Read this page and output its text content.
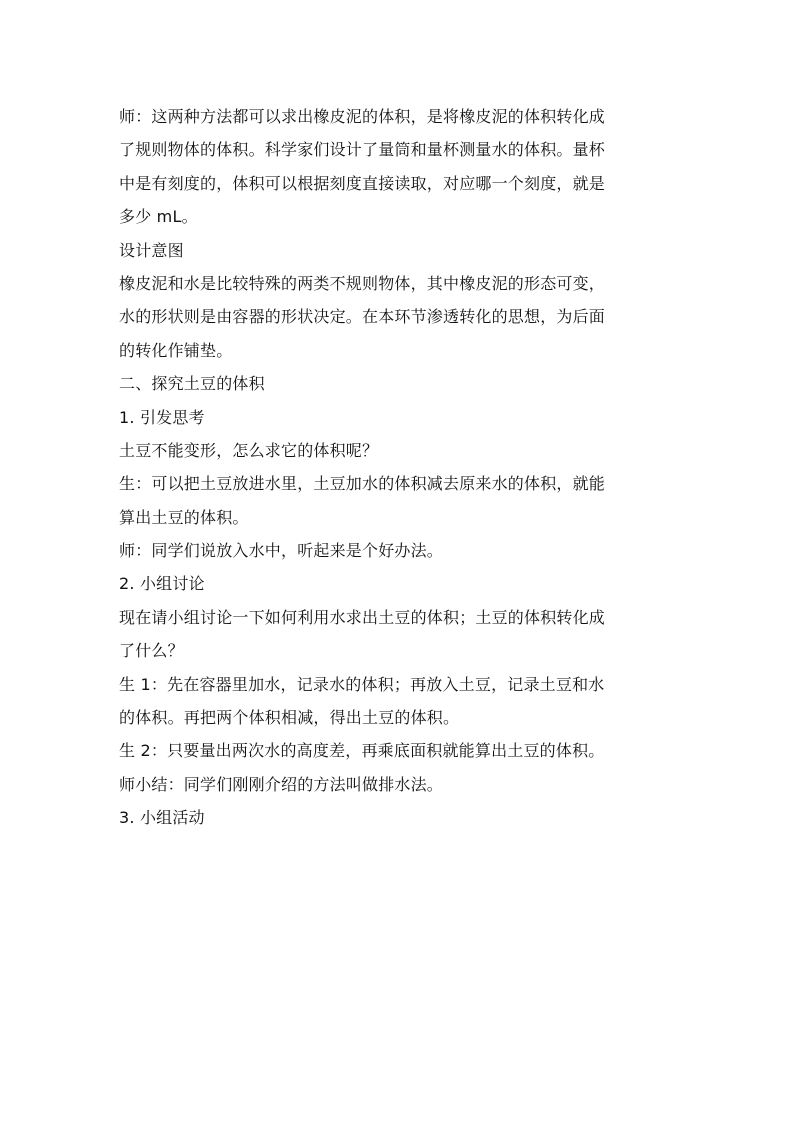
师：这两种方法都可以求出橡皮泥的体积，是将橡皮泥的体积转化成
了规则物体的体积。科学家们设计了量筒和量杯测量水的体积。量杯
中是有刻度的，体积可以根据刻度直接读取，对应哪一个刻度，就是
多少 mL。
设计意图
橡皮泥和水是比较特殊的两类不规则物体，其中橡皮泥的形态可变，
水的形状则是由容器的形状决定。在本环节渗透转化的思想，为后面
的转化作铺垫。
二、探究土豆的体积
1. 引发思考
土豆不能变形，怎么求它的体积呢？
生：可以把土豆放进水里，土豆加水的体积减去原来水的体积，就能
算出土豆的体积。
师：同学们说放入水中，听起来是个好办法。
2. 小组讨论
现在请小组讨论一下如何利用水求出土豆的体积；土豆的体积转化成
了什么？
生 1：先在容器里加水，记录水的体积；再放入土豆，记录土豆和水
的体积。再把两个体积相减，得出土豆的体积。
生 2：只要量出两次水的高度差，再乘底面积就能算出土豆的体积。
师小结：同学们刚刚介绍的方法叫做排水法。
3. 小组活动
